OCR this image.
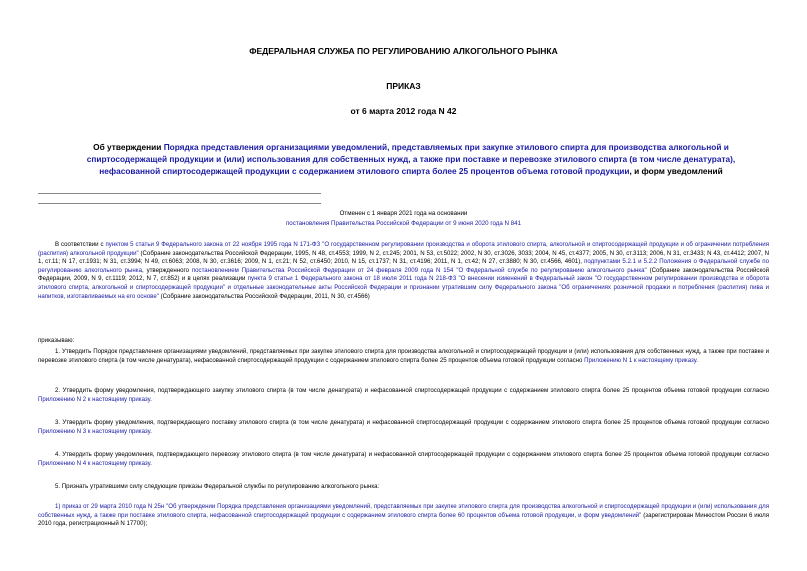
ФЕДЕРАЛЬНАЯ СЛУЖБА ПО РЕГУЛИРОВАНИЮ АЛКОГОЛЬНОГО РЫНКА
ПРИКАЗ
от 6 марта 2012 года N 42
Об утверждении Порядка представления организациями уведомлений, представляемых при закупке этилового спирта для производства алкогольной и спиртосодержащей продукции и (или) использования для собственных нужд, а также при поставке и перевозке этилового спирта (в том числе денатурата), нефасованной спиртосодержащей продукции с содержанием этилового спирта более 25 процентов объема готовой продукции, и форм уведомлений
Отменен с 1 января 2021 года на основании
постановления Правительства Российской Федерации от 9 июня 2020 года N 841

В соответствии с пунктом 5 статьи 9 Федерального закона от 22 ноября 1995 года N 171-ФЗ "О государственном регулировании производства и оборота этилового спирта, алкогольной и спиртосодержащей продукции и об ограничении потребления (распития) алкогольной продукции" (Собрание законодательства Российской Федерации, 1995, N 48, ст.4553; 1999, N 2, ст.245; 2001, N 53, ст.5022; 2002, N 30, ст.3026, 3033; 2004, N 45, ст.4377; 2005, N 30, ст.3113; 2006, N 31, ст.3433; N 43, ст.4412; 2007, N 1, ст.11; N 17, ст.1931; N 31, ст.3994; N 49, ст.6063; 2008, N 30, ст.3616; 2009, N 1, ст.21; N 52, ст.6450; 2010, N 15, ст.1737; N 31, ст.4196; 2011, N 1, ст.42; N 27, ст.3880; N 30, ст.4566, 4601), подпунктами 5.2.1 и 5.2.2 Положения о Федеральной службе по регулированию алкогольного рынка, утвержденного постановлением Правительства Российской Федерации от 24 февраля 2009 года N 154 "О Федеральной службе по регулированию алкогольного рынка" (Собрание законодательства Российской Федерации, 2009, N 9, ст.1119; 2012, N 7, ст.852) и в целях реализации пункта 9 статьи 1 Федерального закона от 18 июля 2011 года N 218-ФЗ "О внесении изменений в Федеральный закон "О государственном регулировании производства и оборота этилового спирта, алкогольной и спиртосодержащей продукции" и отдельные законодательные акты Российской Федерации и признании утратившим силу Федерального закона "Об ограничениях розничной продажи и потребления (распития) пива и напитков, изготавливаемых на его основе" (Собрание законодательства Российской Федерации, 2011, N 30, ст.4566)

приказываю:

1. Утвердить Порядок представления организациями уведомлений, представляемых при закупке этилового спирта для производства алкогольной и спиртосодержащей продукции и (или) использования для собственных нужд, а также при поставке и перевозке этилового спирта (в том числе денатурата), нефасованной спиртосодержащей продукции с содержанием этилового спирта более 25 процентов объема готовой продукции согласно Приложению N 1 к настоящему приказу.

2. Утвердить форму уведомления, подтверждающего закупку этилового спирта (в том числе денатурата) и нефасованной спиртосодержащей продукции с содержанием этилового спирта более 25 процентов объема готовой продукции согласно Приложению N 2 к настоящему приказу.

3. Утвердить форму уведомления, подтверждающего поставку этилового спирта (в том числе денатурата) и нефасованной спиртосодержащей продукции с содержанием этилового спирта более 25 процентов объема готовой продукции согласно Приложению N 3 к настоящему приказу.

4. Утвердить форму уведомления, подтверждающего перевозку этилового спирта (в том числе денатурата) и нефасованной спиртосодержащей продукции с содержанием этилового спирта более 25 процентов объема готовой продукции согласно Приложению N 4 к настоящему приказу.

5. Признать утратившими силу следующие приказы Федеральной службы по регулированию алкогольного рынка:

1) приказ от 29 марта 2010 года N 25н "Об утверждении Порядка представления организациями уведомлений, представляемых при закупке этилового спирта для производства алкогольной и спиртосодержащей продукции и (или) использования для собственных нужд, а также при поставке этилового спирта, нефасованной спиртосодержащей продукции с содержанием этилового спирта более 60 процентов объема готовой продукции, и форм уведомлений" (зарегистрирован Минюстом России 6 июля 2010 года, регистрационный N 17700);
